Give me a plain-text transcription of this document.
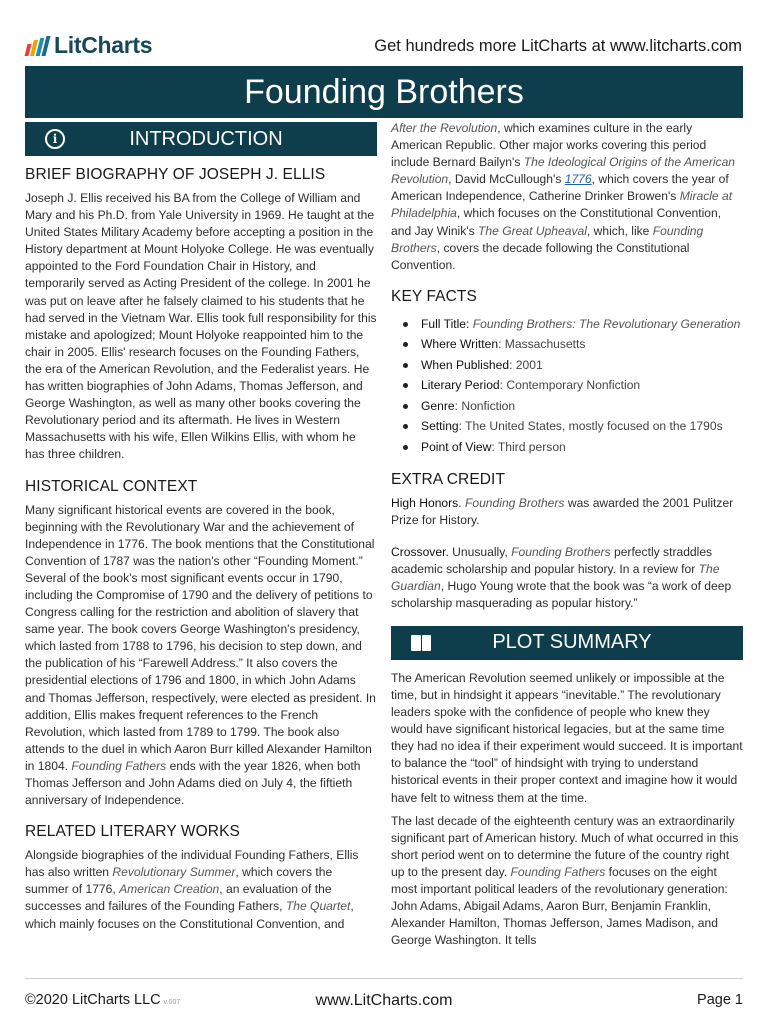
LitCharts	Get hundreds more LitCharts at www.litcharts.com
Founding Brothers
i	INTRODUCTION
BRIEF BIOGRAPHY OF JOSEPH J. ELLIS

Joseph J. Ellis received his BA from the College of William and Mary and his Ph.D. from Yale University in 1969. He taught at the United States Military Academy before accepting a position in the History department at Mount Holyoke College. He was eventually appointed to the Ford Foundation Chair in History, and temporarily served as Acting President of the college. In 2001 he was put on leave after he falsely claimed to his students that he had served in the Vietnam War. Ellis took full responsibility for this mistake and apologized; Mount Holyoke reappointed him to the chair in 2005. Ellis' research focuses on the Founding Fathers, the era of the American Revolution, and the Federalist years. He has written biographies of John Adams, Thomas Jefferson, and George Washington, as well as many other books covering the Revolutionary period and its aftermath. He lives in Western Massachusetts with his wife, Ellen Wilkins Ellis, with whom he has three children.

HISTORICAL CONTEXT

Many significant historical events are covered in the book, beginning with the Revolutionary War and the achievement of Independence in 1776. The book mentions that the Constitutional Convention of 1787 was the nation's other “Founding Moment.” Several of the book's most significant events occur in 1790, including the Compromise of 1790 and the delivery of petitions to Congress calling for the restriction and abolition of slavery that same year. The book covers George Washington's presidency, which lasted from 1788 to 1796, his decision to step down, and the publication of his “Farewell Address.” It also covers the presidential elections of 1796 and 1800, in which John Adams and Thomas Jefferson, respectively, were elected as president. In addition, Ellis makes frequent references to the French Revolution, which lasted from 1789 to 1799. The book also attends to the duel in which Aaron Burr killed Alexander Hamilton in 1804. Founding Fathers ends with the year 1826, when both Thomas Jefferson and John Adams died on July 4, the fiftieth anniversary of Independence.

RELATED LITERARY WORKS

Alongside biographies of the individual Founding Fathers, Ellis has also written Revolutionary Summer, which covers the summer of 1776, American Creation, an evaluation of the successes and failures of the Founding Fathers, The Quartet, which mainly focuses on the Constitutional Convention, and

After the Revolution, which examines culture in the early American Republic. Other major works covering this period include Bernard Bailyn's The Ideological Origins of the American Revolution, David McCullough's 1776, which covers the year of American Independence, Catherine Drinker Browen's Miracle at Philadelphia, which focuses on the Constitutional Convention, and Jay Winik's The Great Upheaval, which, like Founding Brothers, covers the decade following the Constitutional Convention.

KEY FACTS
Full Title: Founding Brothers: The Revolutionary Generation
Where Written: Massachusetts
When Published: 2001
Literary Period: Contemporary Nonfiction
Genre: Nonfiction
Setting: The United States, mostly focused on the 1790s
Point of View: Third person
EXTRA CREDIT

High Honors. Founding Brothers was awarded the 2001 Pulitzer Prize for History.

Crossover. Unusually, Founding Brothers perfectly straddles academic scholarship and popular history. In a review for The Guardian, Hugo Young wrote that the book was “a work of deep scholarship masquerading as popular history.”

PLOT SUMMARY

The American Revolution seemed unlikely or impossible at the time, but in hindsight it appears “inevitable.” The revolutionary leaders spoke with the confidence of people who knew they would have significant historical legacies, but at the same time they had no idea if their experiment would succeed. It is important to balance the “tool” of hindsight with trying to understand historical events in their proper context and imagine how it would have felt to witness them at the time.

The last decade of the eighteenth century was an extraordinarily significant part of American history. Much of what occurred in this short period went on to determine the future of the country right up to the present day. Founding Fathers focuses on the eight most important political leaders of the revolutionary generation: John Adams, Abigail Adams, Aaron Burr, Benjamin Franklin, Alexander Hamilton, Thomas Jefferson, James Madison, and George Washington. It tells

©2020 LitCharts LLC v.007	www.LitCharts.com	Page 1
